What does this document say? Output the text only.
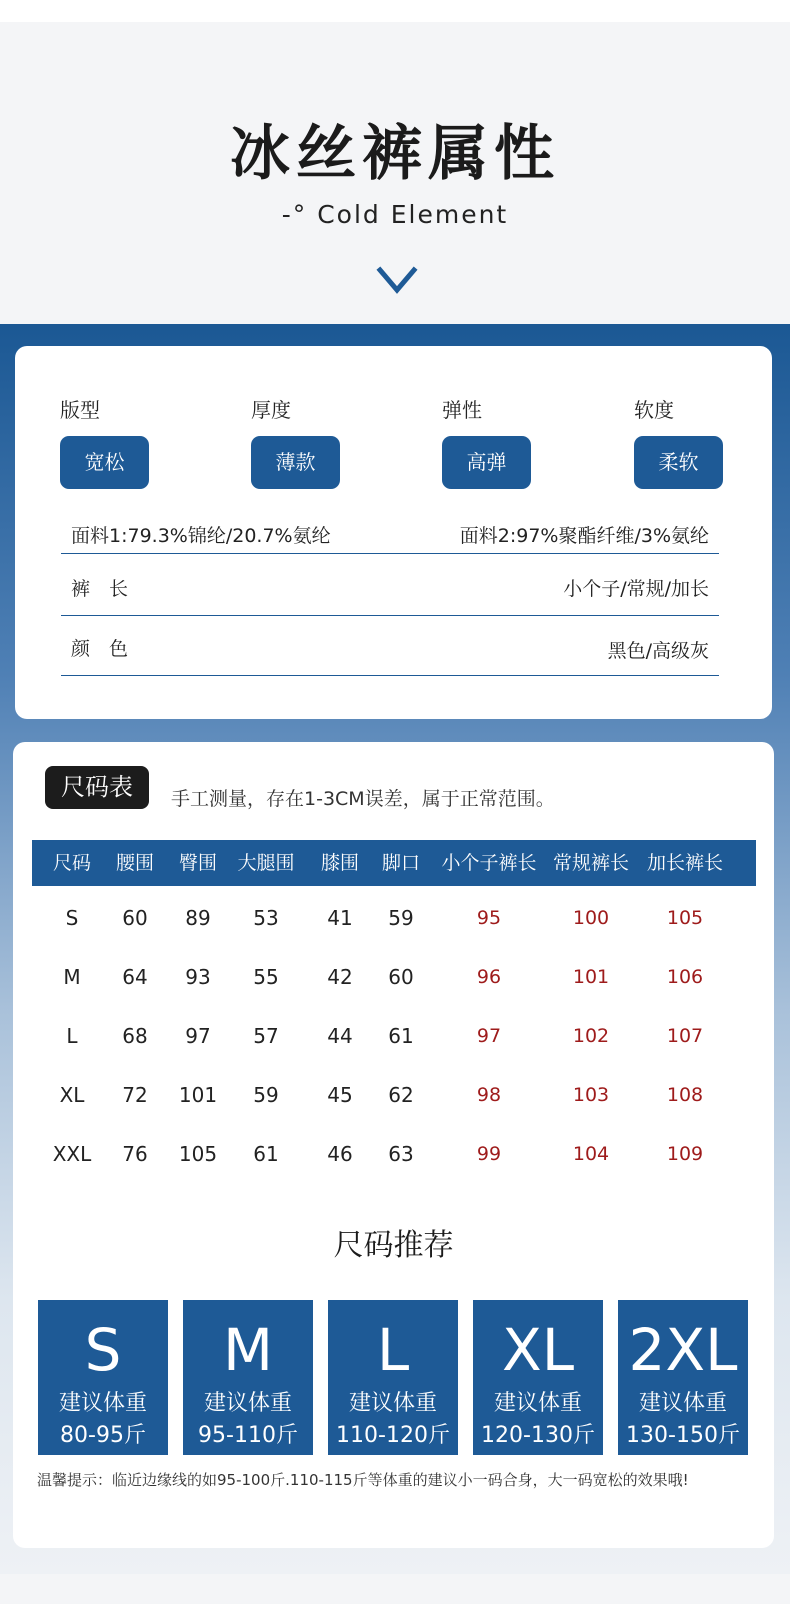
冰丝裤属性
-° Cold Element
版型
宽松
厚度
薄款
弹性
高弹
软度
柔软
面料1:79.3%锦纶/20.7%氨纶	面料2:97%聚酯纤维/3%氨纶
裤　长	小个子/常规/加长
颜　色	黑色/高级灰
尺码表	手工测量，存在1-3CM误差，属于正常范围。
尺码 腰围 臀围 大腿围 膝围 脚口 小个子裤长 常规裤长 加长裤长
S 60 89 53 41 59	95	100	105
M 64 93 55 42 60	96	101	106
L 68 97 57 44 61	97	102	107
XL 72 101 59 45 62	98	103	108
XXL 76 105 61 46 63	99	104	109
尺码推荐
S
建议体重
80-95斤
M
建议体重
95-110斤
L
建议体重
110-120斤
XL
建议体重
120-130斤
2XL
建议体重
130-150斤
温馨提示：临近边缘线的如95-100斤.110-115斤等体重的建议小一码合身，大一码宽松的效果哦!
